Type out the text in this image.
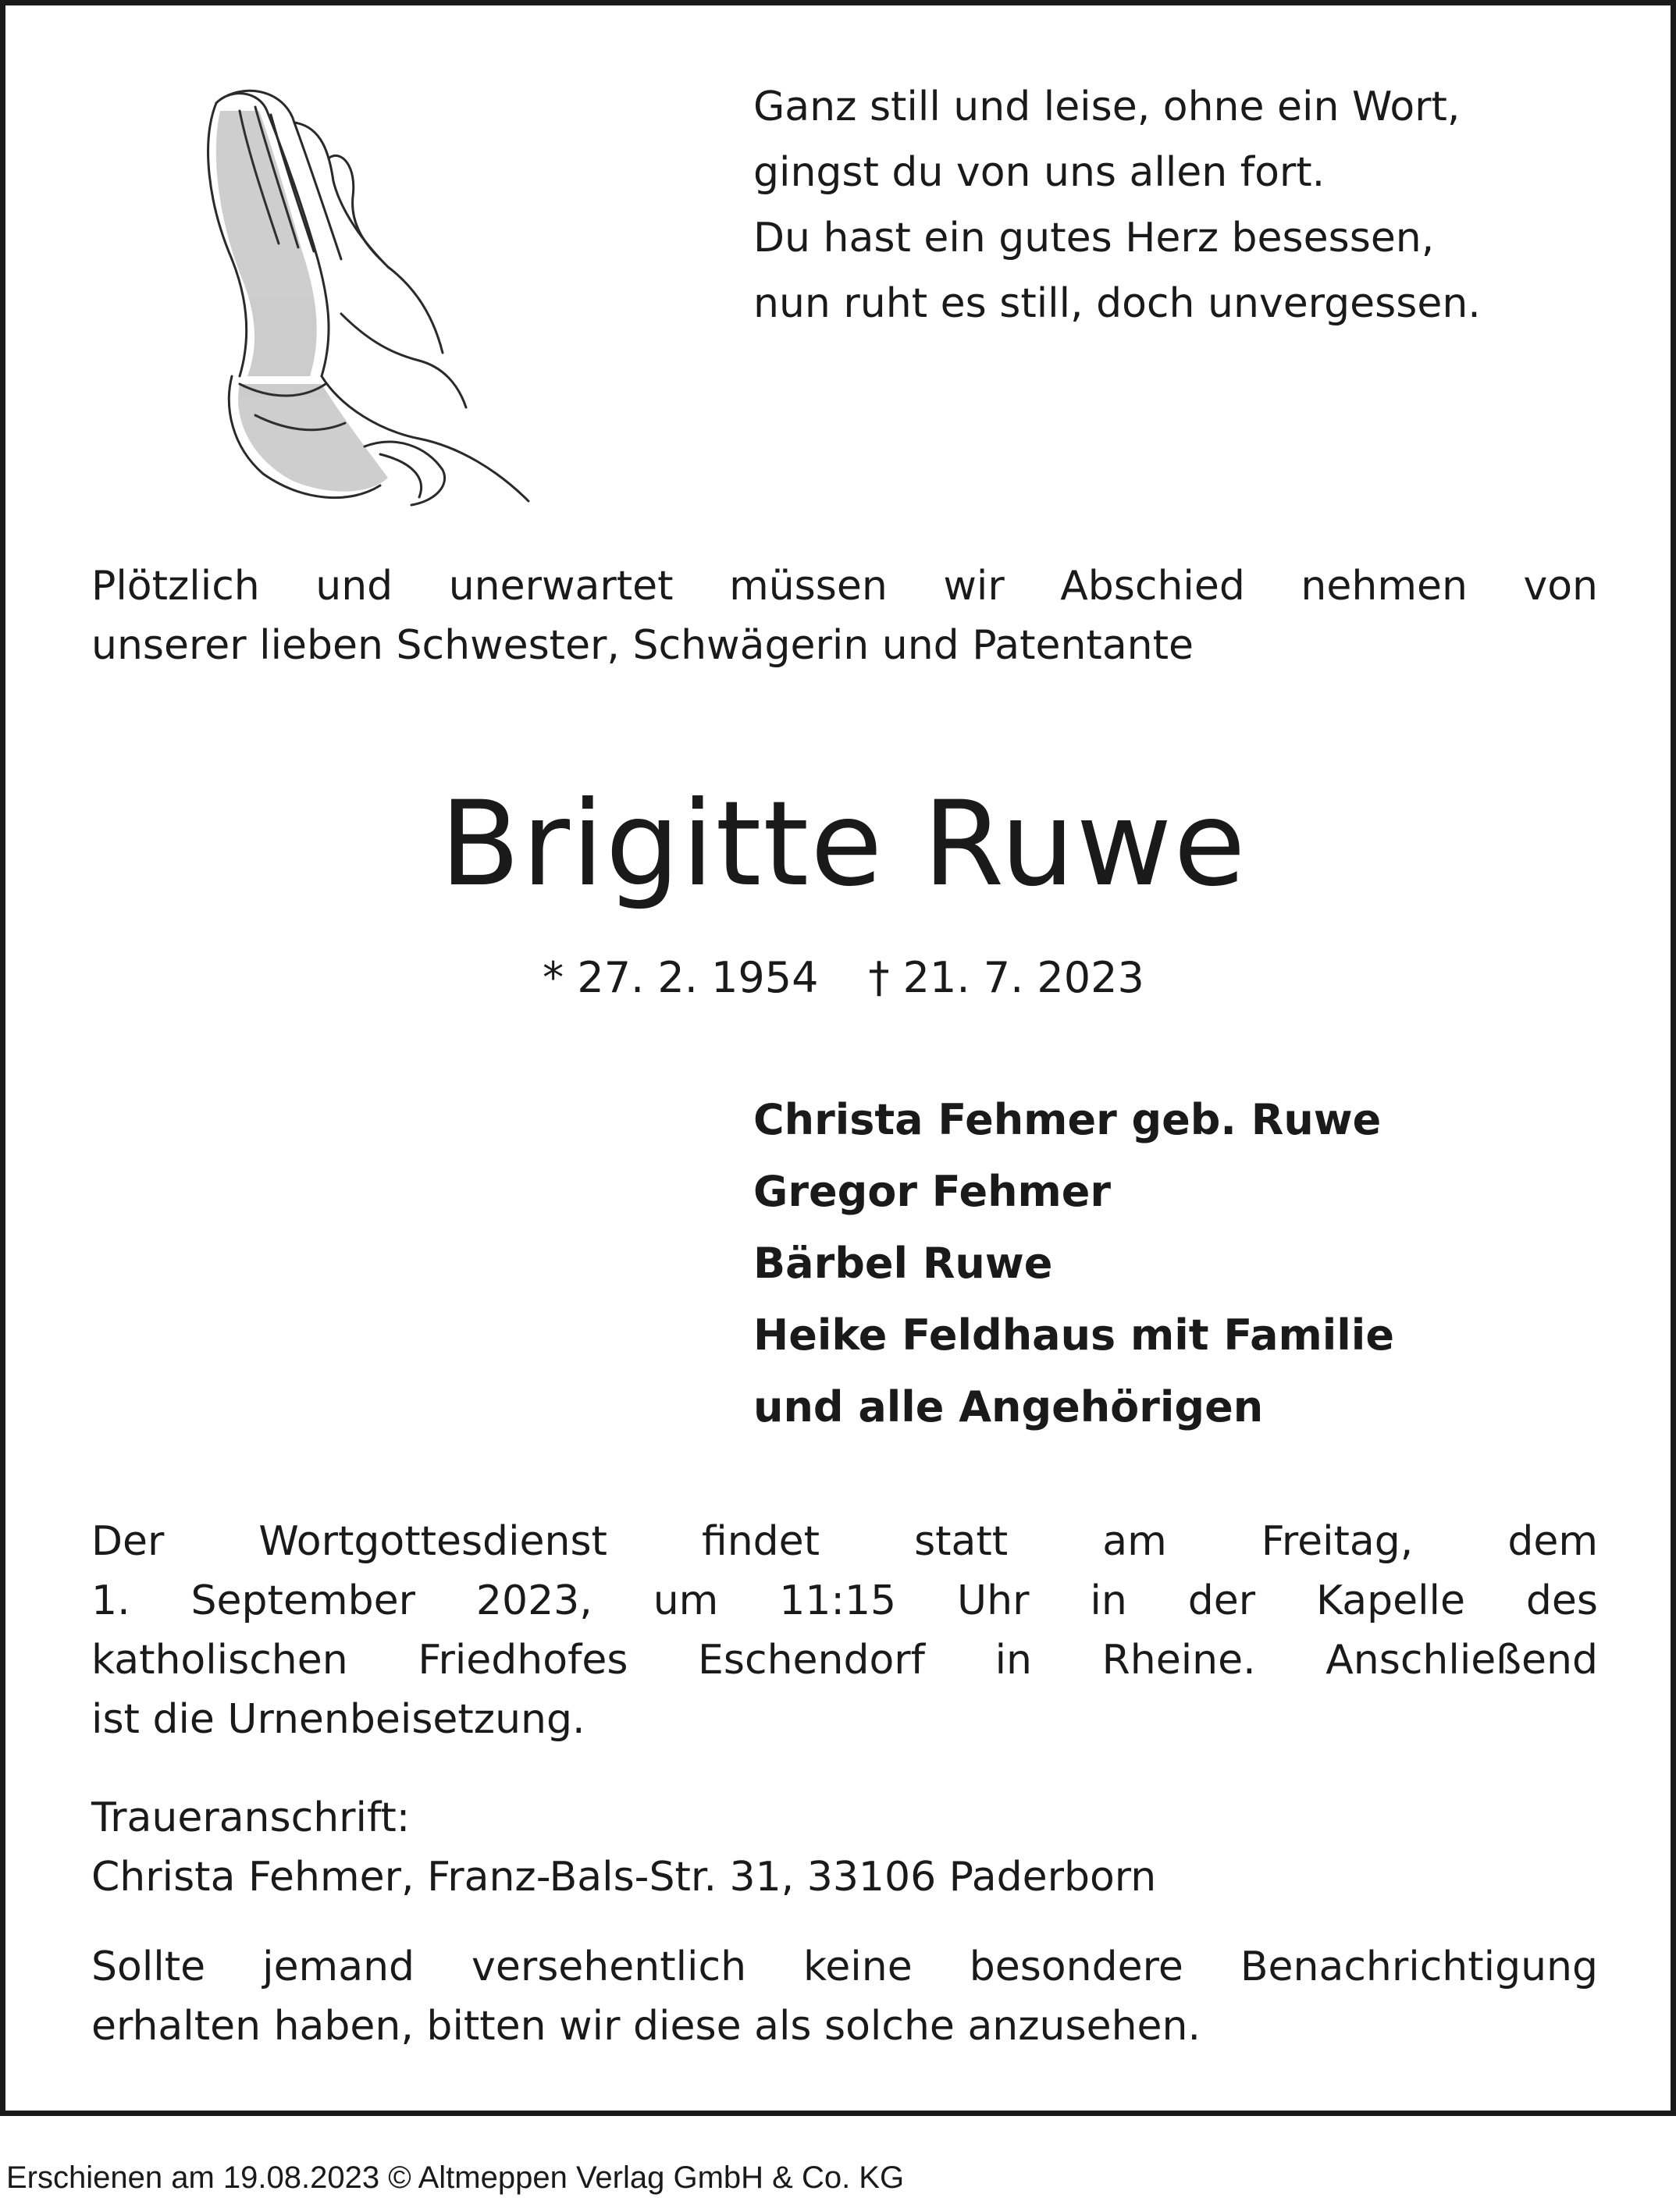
Ganz still und leise, ohne ein Wort,
gingst du von uns allen fort.
Du hast ein gutes Herz besessen,
nun ruht es still, doch unvergessen.
Plötzlich und unerwartet müssen wir Abschied nehmen von
unserer lieben Schwester, Schwägerin und Patentante
Brigitte Ruwe
* 27. 2. 1954 † 21. 7. 2023
Christa Fehmer geb. Ruwe
Gregor Fehmer
Bärbel Ruwe
Heike Feldhaus mit Familie
und alle Angehörigen
Der Wortgottesdienst findet statt am Freitag, dem
1. September 2023, um 11:15 Uhr in der Kapelle des
katholischen Friedhofes Eschendorf in Rheine. Anschließend
ist die Urnenbeisetzung.
Traueranschrift:
Christa Fehmer, Franz-Bals-Str. 31, 33106 Paderborn
Sollte jemand versehentlich keine besondere Benachrichtigung
erhalten haben, bitten wir diese als solche anzusehen.
Erschienen am 19.08.2023 © Altmeppen Verlag GmbH & Co. KG
